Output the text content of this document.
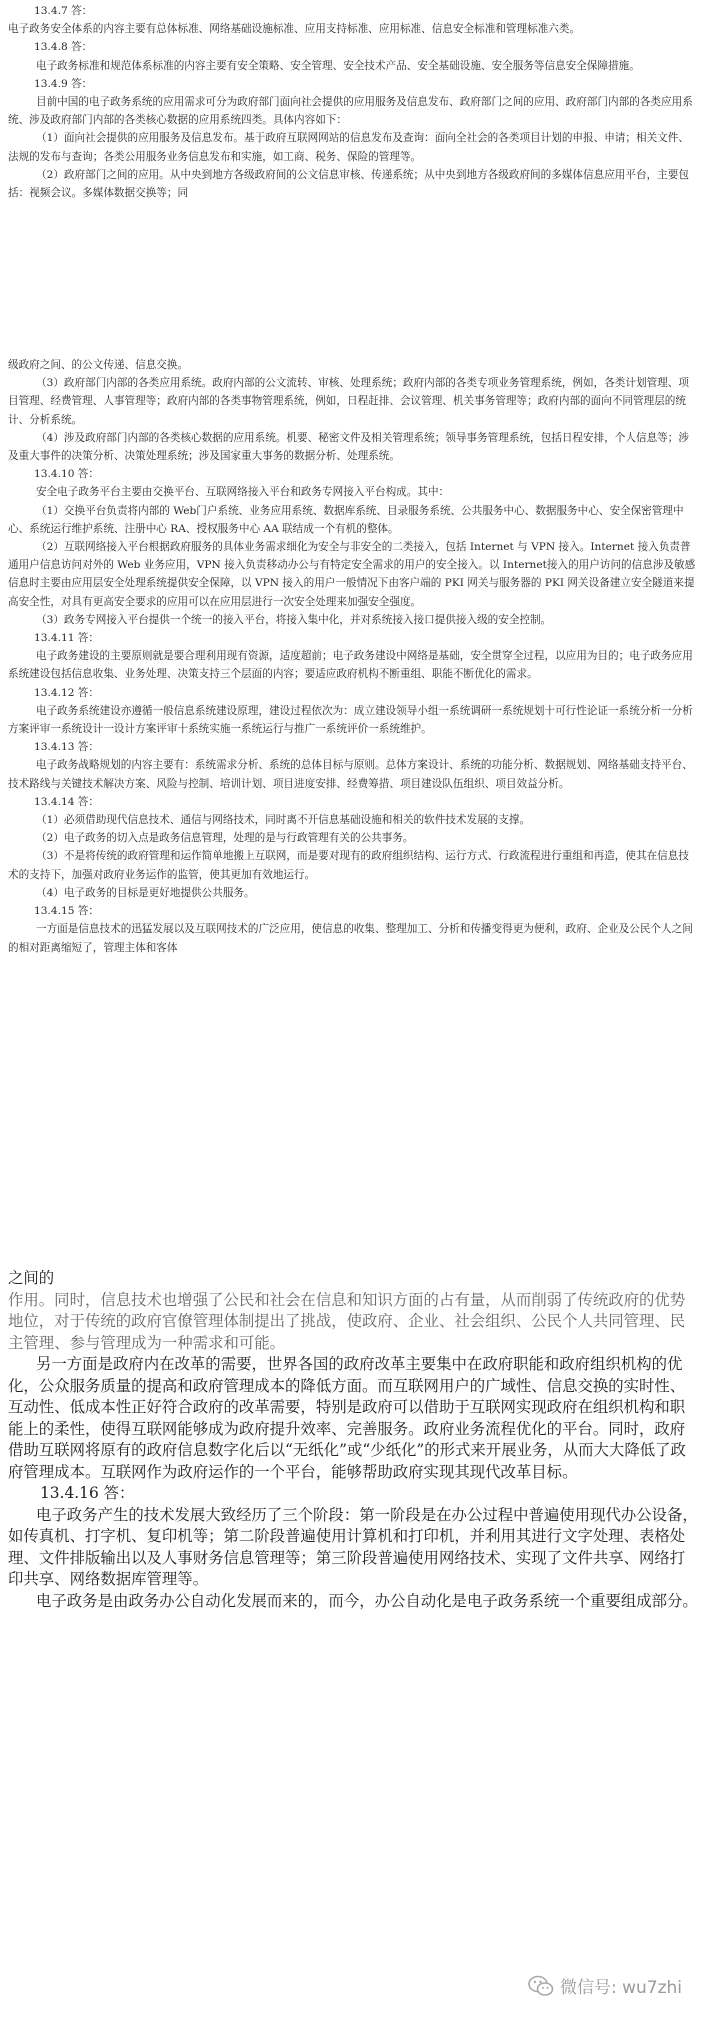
13.4.7 答：

电子政务安全体系的内容主要有总体标准、网络基础设施标准、应用支持标准、应用标准、信息安全标准和管理标准六类。

13.4.8 答：

电子政务标准和规范体系标准的内容主要有安全策略、安全管理、安全技术产品、安全基础设施、安全服务等信息安全保障措施。

13.4.9 答：

目前中国的电子政务系统的应用需求可分为政府部门面向社会提供的应用服务及信息发布、政府部门之间的应用、政府部门内部的各类应用系统、涉及政府部门内部的各类核心数据的应用系统四类。具体内容如下：

（1）面向社会提供的应用服务及信息发布。基于政府互联网网站的信息发布及查询：面向全社会的各类项目计划的申报、申请；相关文件、法规的发布与查询；各类公用服务业务信息发布和实施，如工商、税务、保险的管理等。

（2）政府部门之间的应用。从中央到地方各级政府间的公文信息审核、传递系统；从中央到地方各级政府间的多媒体信息应用平台，主要包括：视频会议。多媒体数据交换等；同

级政府之间、的公文传递、信息交换。

（3）政府部门内部的各类应用系统。政府内部的公文流转、审核、处理系统；政府内部的各类专项业务管理系统，例如，各类计划管理、项目管理、经费管理、人事管理等；政府内部的各类事物管理系统，例如，日程赶排、会议管理、机关事务管理等；政府内部的面向不同管理层的统计、分析系统。

（4）涉及政府部门内部的各类核心数据的应用系统。机要、秘密文件及相关管理系统；领导事务管理系统，包括日程安排，个人信息等；涉及重大事件的决策分析、决策处理系统；涉及国家重大事务的数据分析、处理系统。

13.4.10 答：

安全电子政务平台主要由交换平台、互联网络接入平台和政务专网接入平台构成。其中：

（1）交换平台负责将内部的 Web门户系统、业务应用系统、数据库系统、目录服务系统、公共服务中心、数据服务中心、安全保密管理中心、系统运行维护系统、注册中心 RA、授权服务中心 AA 联结成一个有机的整体。

（2）互联网络接入平台根据政府服务的具体业务需求细化为安全与非安全的二类接入，包括 Internet 与 VPN 接入。Internet 接入负责普通用户信息访问对外的 Web 业务应用，VPN 接入负责移动办公与有特定安全需求的用户的安全接入。以 Internet接入的用户访问的信息涉及敏感信息时主要由应用层安全处理系统提供安全保障，以 VPN 接入的用户一般情况下由客户端的 PKI 网关与服务器的 PKI 网关设备建立安全隧道来提高安全性，对具有更高安全要求的应用可以在应用层进行一次安全处理来加强安全强度。

（3）政务专网接入平台提供一个统一的接入平台，将接入集中化，并对系统接入接口提供接入级的安全控制。

13.4.11 答：

电子政务建设的主要原则就是要合理利用现有资源，适度超前；电子政务建设中网络是基础，安全贯穿全过程，以应用为目的；电子政务应用系统建设包括信息收集、业务处理、决策支持三个层面的内容；要适应政府机构不断重组、职能不断优化的需求。

13.4.12 答：

电子政务系统建设亦遵循一般信息系统建设原理，建设过程依次为：成立建设领导小组一系统调研一系统规划十可行性论证一系统分析一分析方案评审一系统设计一设计方案评审十系统实施一系统运行与推广一系统评价一系统维护。

13.4.13 答：

电子政务战略规划的内容主要有：系统需求分析、系统的总体目标与原则。总体方案设计、系统的功能分析、数据规划、网络基础支持平台、技术路线与关键技术解决方案、风险与控制、培训计划、项目进度安排、经费筹措、项目建设队伍组织、项目效益分析。

13.4.14 答：

（1）必须借助现代信息技术、通信与网络技术，同时离不开信息基础设施和相关的软件技术发展的支撑。

（2）电子政务的切入点是政务信息管理，处理的是与行政管理有关的公共事务。

（3）不是将传统的政府管理和运作简单地搬上互联网，而是要对现有的政府组织结构、运行方式、行政流程进行重组和再造，使其在信息技术的支持下，加强对政府业务运作的监管，使其更加有效地运行。

（4）电子政务的目标是更好地提供公共服务。

13.4.15 答：

一方面是信息技术的迅猛发展以及互联网技术的广泛应用，使信息的收集、整理加工、分析和传播变得更为便利，政府、企业及公民个人之间的相对距离缩短了，管理主体和客体

之间的

作用。同时，信息技术也增强了公民和社会在信息和知识方面的占有量，从而削弱了传统政府的优势地位，对于传统的政府官僚管理体制提出了挑战，使政府、企业、社会组织、公民个人共同管理、民主管理、参与管理成为一种需求和可能。

另一方面是政府内在改革的需要，世界各国的政府改革主要集中在政府职能和政府组织机构的优化，公众服务质量的提高和政府管理成本的降低方面。而互联网用户的广域性、信息交换的实时性、互动性、低成本性正好符合政府的改革需要，特别是政府可以借助于互联网实现政府在组织机构和职能上的柔性，使得互联网能够成为政府提升效率、完善服务。政府业务流程优化的平台。同时，政府借助互联网将原有的政府信息数字化后以“无纸化”或“少纸化”的形式来开展业务，从而大大降低了政府管理成本。互联网作为政府运作的一个平台，能够帮助政府实现其现代改革目标。

13.4.16 答：

电子政务产生的技术发展大致经历了三个阶段：第一阶段是在办公过程中普遍使用现代办公设备，如传真机、打字机、复印机等；第二阶段普遍使用计算机和打印机，并利用其进行文字处理、表格处理、文件排版输出以及人事财务信息管理等；第三阶段普遍使用网络技术、实现了文件共享、网络打印共享、网络数据库管理等。

电子政务是由政务办公自动化发展而来的，而今，办公自动化是电子政务系统一个重要组成部分。

微信号: wu7zhi
